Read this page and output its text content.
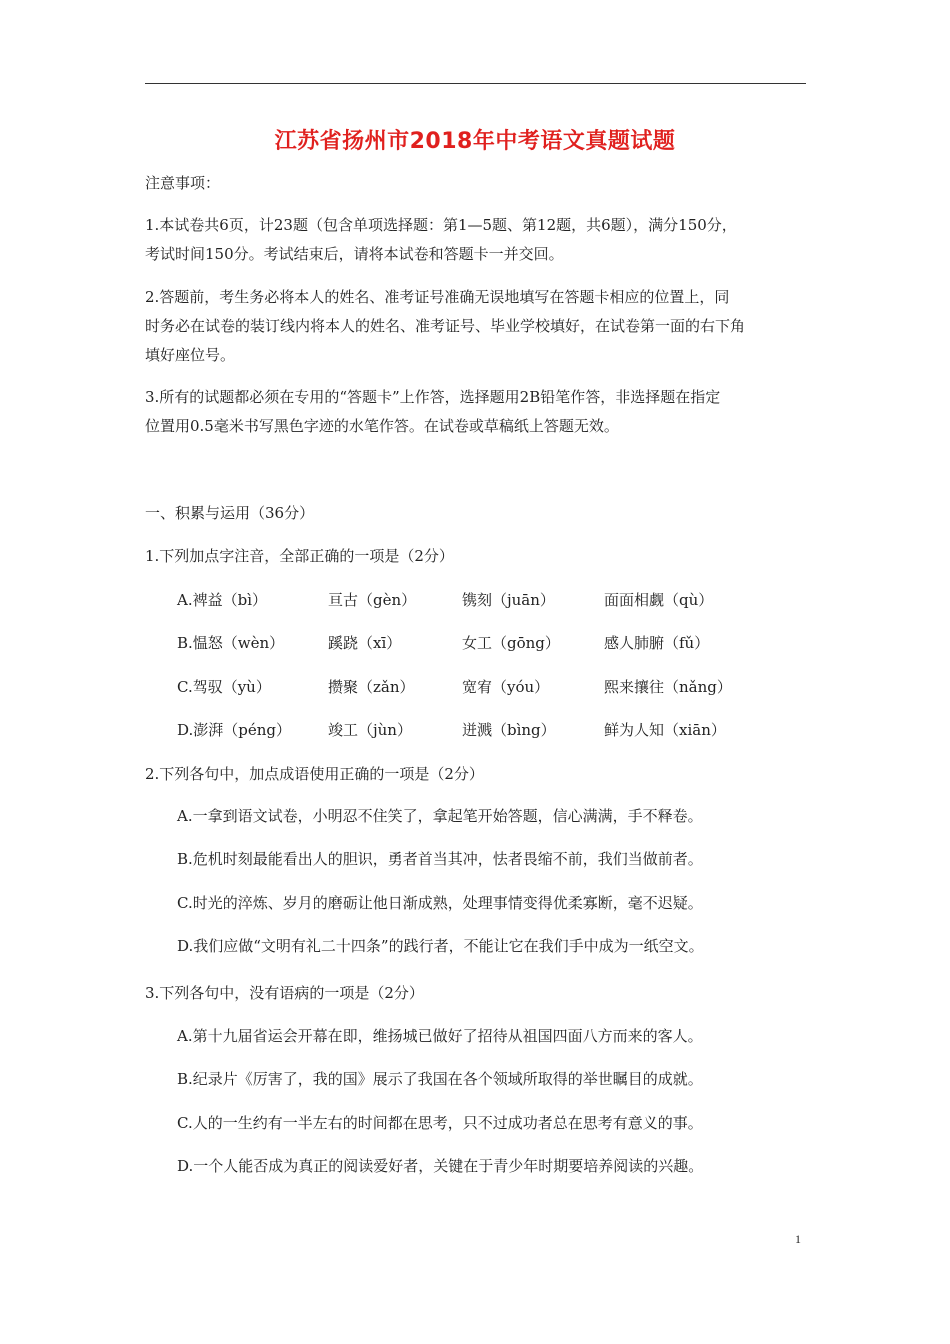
江苏省扬州市2018年中考语文真题试题
注意事项：
1.本试卷共6页，计23题（包含单项选择题：第1—5题、第12题，共6题），满分150分，
考试时间150分。考试结束后，请将本试卷和答题卡一并交回。
2.答题前，考生务必将本人的姓名、准考证号准确无误地填写在答题卡相应的位置上，同
时务必在试卷的装订线内将本人的姓名、准考证号、毕业学校填好，在试卷第一面的右下角
填好座位号。
3.所有的试题都必须在专用的“答题卡”上作答，选择题用2B铅笔作答，非选择题在指定
位置用0.5毫米书写黑色字迹的水笔作答。在试卷或草稿纸上答题无效。
一、积累与运用（36分）
1.下列加点字注音，全部正确的一项是（2分）
A.裨益（bì）	亘古（gèn）	镌刻（juān）	面面相觑（qù）
B.愠怒（wèn）	蹊跷（xī）	女工（gōng）	感人肺腑（fǔ）
C.驾驭（yù）	攒聚（zǎn）	宽宥（yóu）	熙来攘往（nǎng）
D.澎湃（péng） 竣工（jùn）	迸溅（bìng）	鲜为人知（xiān）
2.下列各句中，加点成语使用正确的一项是（2分）
A.一拿到语文试卷，小明忍不住笑了，拿起笔开始答题，信心满满，手不释卷。
B.危机时刻最能看出人的胆识，勇者首当其冲，怯者畏缩不前，我们当做前者。
C.时光的淬炼、岁月的磨砺让他日渐成熟，处理事情变得优柔寡断，毫不迟疑。
D.我们应做“文明有礼二十四条”的践行者，不能让它在我们手中成为一纸空文。
3.下列各句中，没有语病的一项是（2分）
A.第十九届省运会开幕在即，维扬城已做好了招待从祖国四面八方而来的客人。
B.纪录片《厉害了，我的国》展示了我国在各个领域所取得的举世瞩目的成就。
C.人的一生约有一半左右的时间都在思考，只不过成功者总在思考有意义的事。
D.一个人能否成为真正的阅读爱好者，关键在于青少年时期要培养阅读的兴趣。
1
